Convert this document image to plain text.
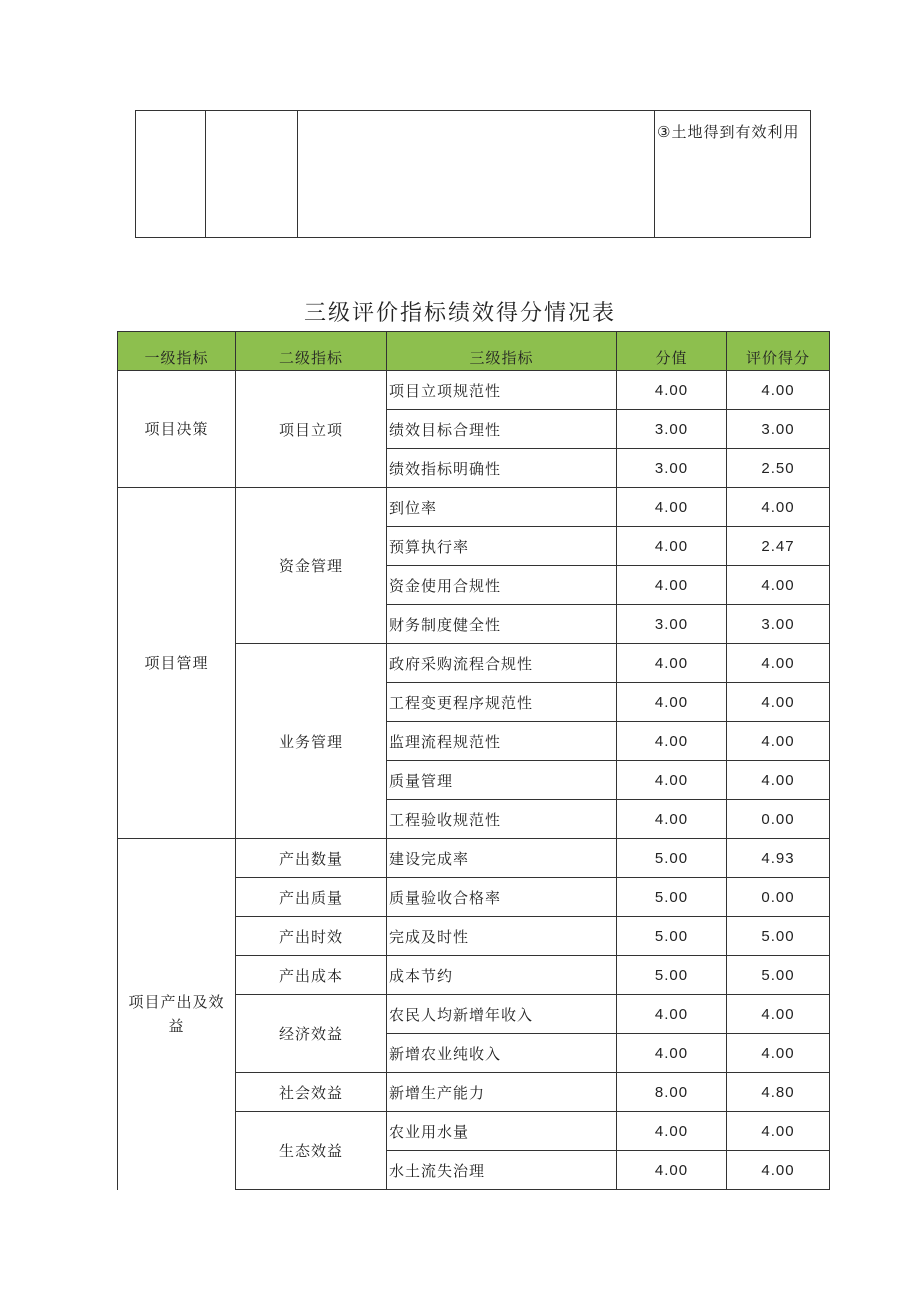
			③土地得到有效利用
三级评价指标绩效得分情况表
一级指标	二级指标	三级指标	分值	评价得分

项目决策	项目立项	项目立项规范性	4.00	4.00
		绩效目标合理性	3.00	3.00
		绩效指标明确性	3.00	2.50

项目管理	资金管理	到位率	4.00	4.00
		预算执行率	4.00	2.47
		资金使用合规性	4.00	4.00
		财务制度健全性	3.00	3.00
	业务管理	政府采购流程合规性	4.00	4.00
		工程变更程序规范性	4.00	4.00
		监理流程规范性	4.00	4.00
		质量管理	4.00	4.00
		工程验收规范性	4.00	0.00

项目产出及效益	产出数量	建设完成率	5.00	4.93
	产出质量	质量验收合格率	5.00	0.00
	产出时效	完成及时性	5.00	5.00
	产出成本	成本节约	5.00	5.00
	经济效益	农民人均新增年收入	4.00	4.00
		新增农业纯收入	4.00	4.00
	社会效益	新增生产能力	8.00	4.80
	生态效益	农业用水量	4.00	4.00
		水土流失治理	4.00	4.00
